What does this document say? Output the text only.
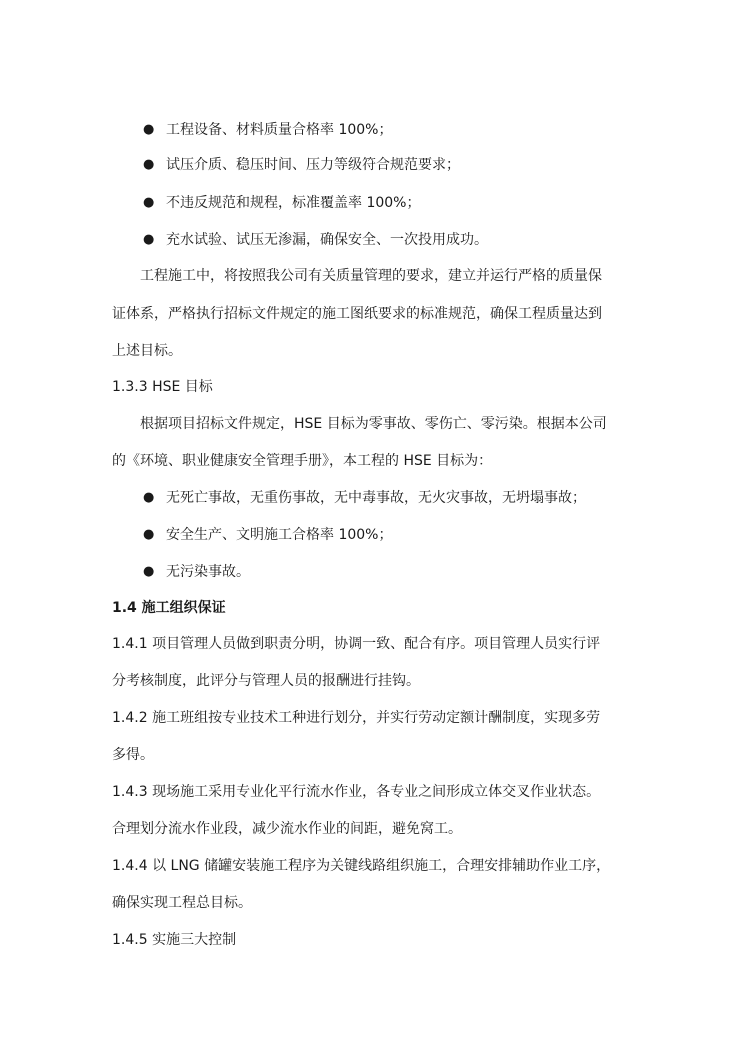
● 工程设备、材料质量合格率 100%；
● 试压介质、稳压时间、压力等级符合规范要求；
● 不违反规范和规程，标准覆盖率 100%；
● 充水试验、试压无渗漏，确保安全、一次投用成功。
工程施工中，将按照我公司有关质量管理的要求，建立并运行严格的质量保
证体系，严格执行招标文件规定的施工图纸要求的标准规范，确保工程质量达到
上述目标。
1.3.3 HSE 目标
根据项目招标文件规定，HSE 目标为零事故、零伤亡、零污染。根据本公司
的《环境、职业健康安全管理手册》，本工程的 HSE 目标为：
● 无死亡事故，无重伤事故，无中毒事故，无火灾事故，无坍塌事故；
● 安全生产、文明施工合格率 100%；
● 无污染事故。
1.4 施工组织保证
1.4.1 项目管理人员做到职责分明，协调一致、配合有序。项目管理人员实行评
分考核制度，此评分与管理人员的报酬进行挂钩。
1.4.2 施工班组按专业技术工种进行划分，并实行劳动定额计酬制度，实现多劳
多得。
1.4.3 现场施工采用专业化平行流水作业，各专业之间形成立体交叉作业状态。
合理划分流水作业段，减少流水作业的间距，避免窝工。
1.4.4 以 LNG 储罐安装施工程序为关键线路组织施工，合理安排辅助作业工序，
确保实现工程总目标。
1.4.5 实施三大控制
